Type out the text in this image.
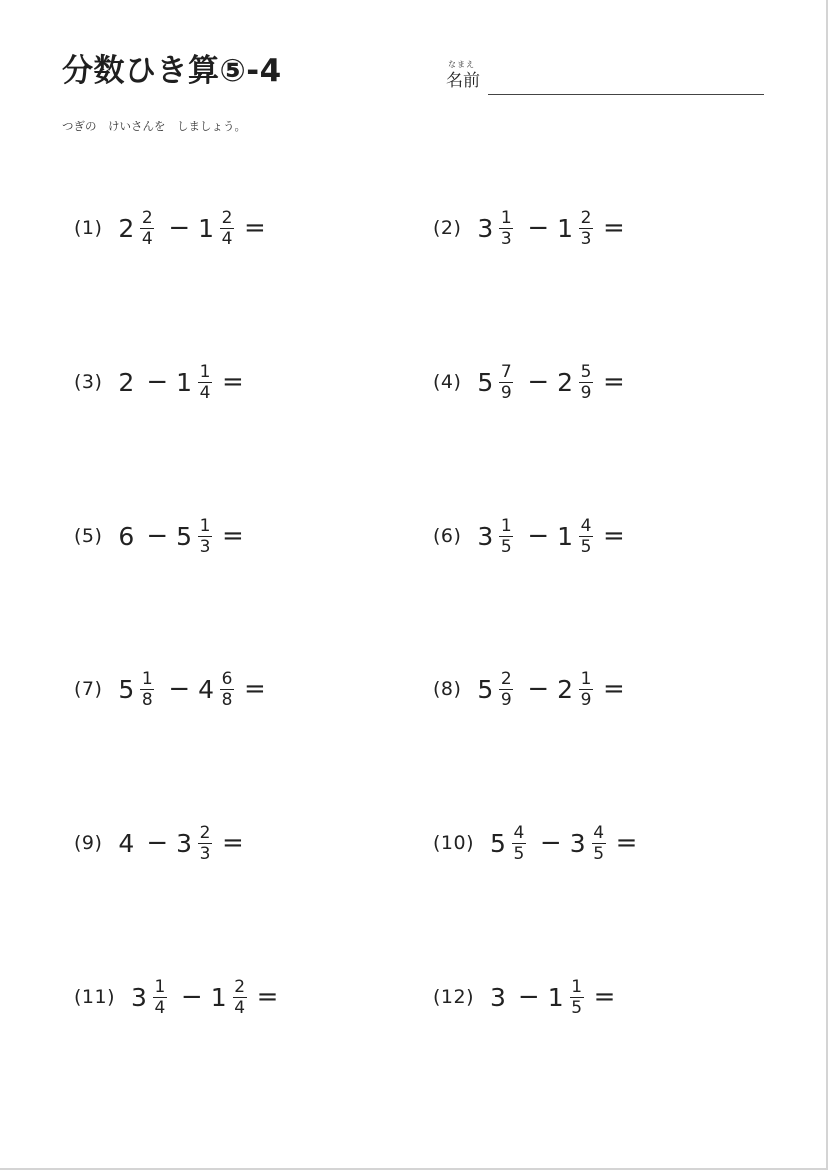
分数ひき算⑤-4	なまえ
名前
つぎの　けいさんを　しましょう。
(1) $2 \frac{2}{4} - 1 \frac{2}{4}$ =	(2) $3 \frac{1}{3} - 1 \frac{2}{3}$ =
(3) $2 - 1 \frac{1}{4}$ =	(4) $5 \frac{7}{9} - 2 \frac{5}{9}$ =
(5) $6 - 5 \frac{1}{3}$ =	(6) $3 \frac{1}{5} - 1 \frac{4}{5}$ =
(7) $5 \frac{1}{8} - 4 \frac{6}{8}$ =	(8) $5 \frac{2}{9} - 2 \frac{1}{9}$ =
(9) $4 - 3 \frac{2}{3}$ =	(10) $5 \frac{4}{5} - 3 \frac{4}{5}$ =
(11) $3 \frac{1}{4} - 1 \frac{2}{4}$ =	(12) $3 - 1 \frac{1}{5}$ =
